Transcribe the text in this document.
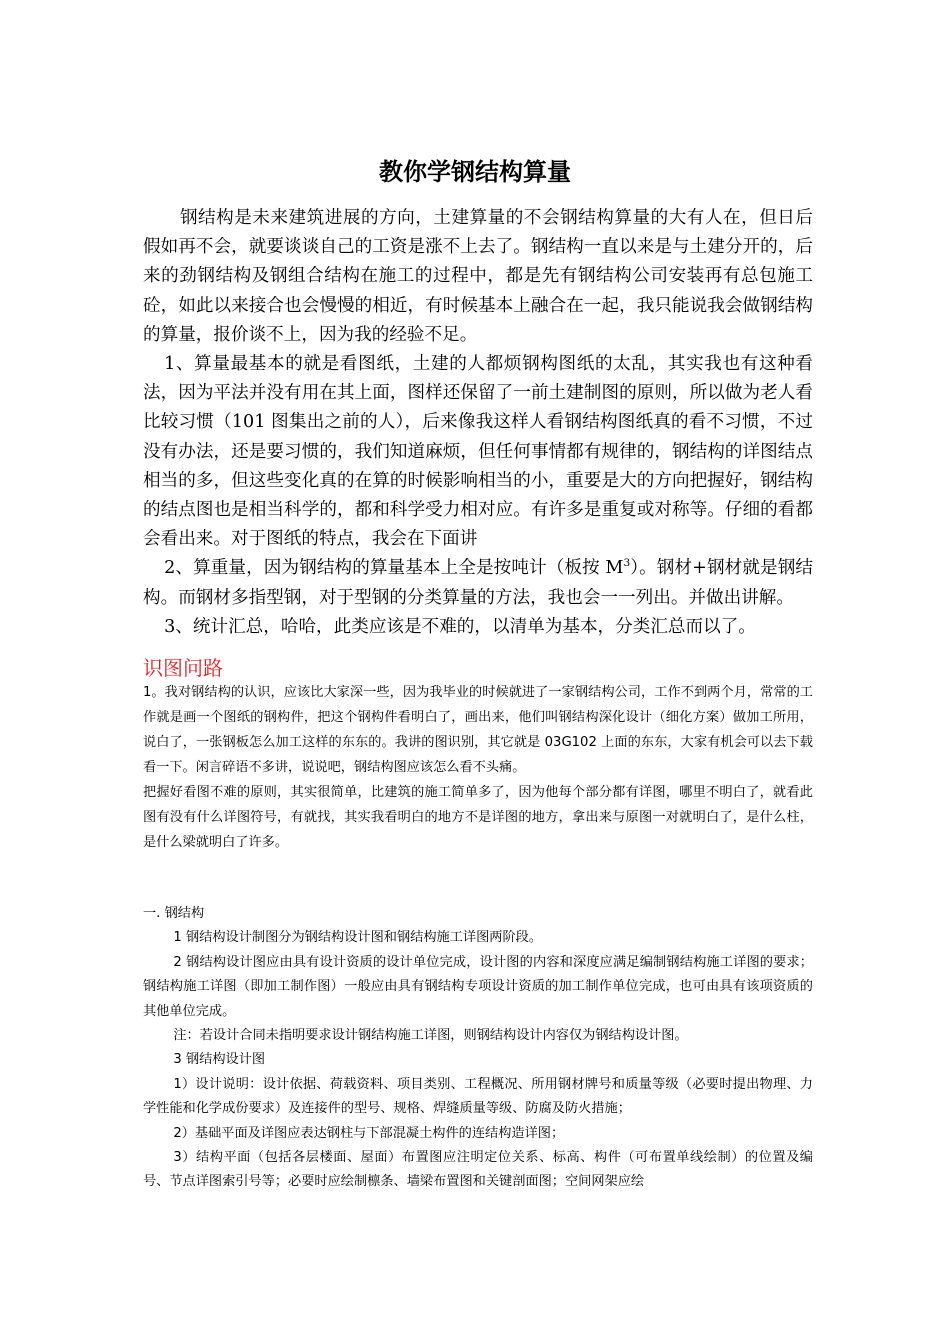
教你学钢结构算量

钢结构是未来建筑进展的方向，土建算量的不会钢结构算量的大有人在，但日后假如再不会，就要谈谈自己的工资是涨不上去了。钢结构一直以来是与土建分开的，后来的劲钢结构及钢组合结构在施工的过程中，都是先有钢结构公司安装再有总包施工砼，如此以来接合也会慢慢的相近，有时候基本上融合在一起，我只能说我会做钢结构的算量，报价谈不上，因为我的经验不足。

1、算量最基本的就是看图纸，土建的人都烦钢构图纸的太乱，其实我也有这种看法，因为平法并没有用在其上面，图样还保留了一前土建制图的原则，所以做为老人看比较习惯（101 图集出之前的人），后来像我这样人看钢结构图纸真的看不习惯，不过没有办法，还是要习惯的，我们知道麻烦，但任何事情都有规律的，钢结构的详图结点相当的多，但这些变化真的在算的时候影响相当的小，重要是大的方向把握好，钢结构的结点图也是相当科学的，都和科学受力相对应。有许多是重复或对称等。仔细的看都会看出来。对于图纸的特点，我会在下面讲

2、算重量，因为钢结构的算量基本上全是按吨计（板按 $M^3$）。钢材+钢材就是钢结构。而钢材多指型钢，对于型钢的分类算量的方法，我也会一一列出。并做出讲解。

3、统计汇总，哈哈，此类应该是不难的，以清单为基本，分类汇总而以了。

识图问路

1。我对钢结构的认识，应该比大家深一些，因为我毕业的时候就进了一家钢结构公司，工作不到两个月，常常的工作就是画一个图纸的钢构件，把这个钢构件看明白了，画出来，他们叫钢结构深化设计（细化方案）做加工所用，说白了，一张钢板怎么加工这样的东东的。我讲的图识别，其它就是 03G102 上面的东东，大家有机会可以去下载看一下。闲言碎语不多讲，说说吧，钢结构图应该怎么看不头痛。

把握好看图不难的原则，其实很简单，比建筑的施工简单多了，因为他每个部分都有详图，哪里不明白了，就看此图有没有什么详图符号，有就找，其实我看明白的地方不是详图的地方，拿出来与原图一对就明白了，是什么柱，是什么梁就明白了许多。

一. 钢结构

1 钢结构设计制图分为钢结构设计图和钢结构施工详图两阶段。

2 钢结构设计图应由具有设计资质的设计单位完成，设计图的内容和深度应满足编制钢结构施工详图的要求；钢结构施工详图（即加工制作图）一般应由具有钢结构专项设计资质的加工制作单位完成，也可由具有该项资质的其他单位完成。

注：若设计合同未指明要求设计钢结构施工详图，则钢结构设计内容仅为钢结构设计图。

3 钢结构设计图

1）设计说明：设计依据、荷载资料、项目类别、工程概况、所用钢材牌号和质量等级（必要时提出物理、力学性能和化学成份要求）及连接件的型号、规格、焊缝质量等级、防腐及防火措施；

2）基础平面及详图应表达钢柱与下部混凝土构件的连结构造详图；

3）结构平面（包括各层楼面、屋面）布置图应注明定位关系、标高、构件（可布置单线绘制）的位置及编号、节点详图索引号等；必要时应绘制檩条、墙梁布置图和关键剖面图；空间网架应绘
